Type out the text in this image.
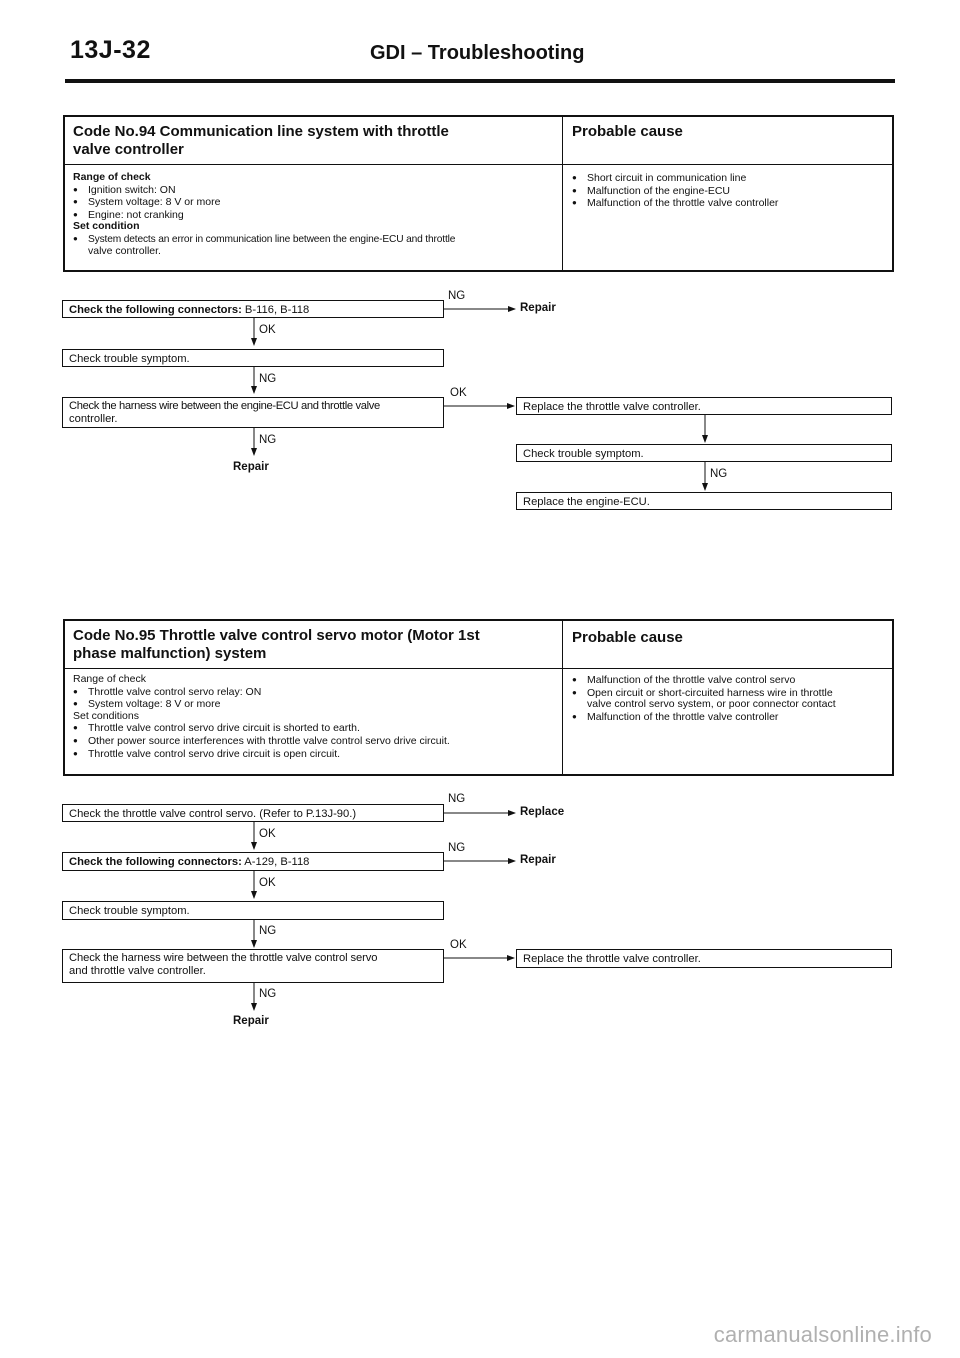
13J-32	GDI – Troubleshooting
Code No.94 Communication line system with throttle
valve controller
Probable cause
Range of check
● Ignition switch: ON
● System voltage: 8 V or more
● Engine: not cranking
Set condition
● System detects an error in communication line between the engine-ECU and throttle
valve controller.
● Short circuit in communication line
● Malfunction of the engine-ECU
● Malfunction of the throttle valve controller
Check the following connectors: B-116, B-118
NG
Repair
OK
Check trouble symptom.
NG
Check the harness wire between the engine-ECU and throttle valve
controller.
OK
NG
Repair
Replace the throttle valve controller.
Check trouble symptom.
NG
Replace the engine-ECU.
Code No.95 Throttle valve control servo motor (Motor 1st
phase malfunction) system
Probable cause
Range of check
● Throttle valve control servo relay: ON
● System voltage: 8 V or more
Set conditions
● Throttle valve control servo drive circuit is shorted to earth.
● Other power source interferences with throttle valve control servo drive circuit.
● Throttle valve control servo drive circuit is open circuit.
● Malfunction of the throttle valve control servo
● Open circuit or short-circuited harness wire in throttle
valve control servo system, or poor connector contact
● Malfunction of the throttle valve controller
Check the throttle valve control servo. (Refer to P.13J-90.)
NG
Replace
OK
Check the following connectors: A-129, B-118
NG
Repair
OK
Check trouble symptom.
NG
Check the harness wire between the throttle valve control servo
and throttle valve controller.
OK
NG
Repair
Replace the throttle valve controller.
carmanualsonline.info
